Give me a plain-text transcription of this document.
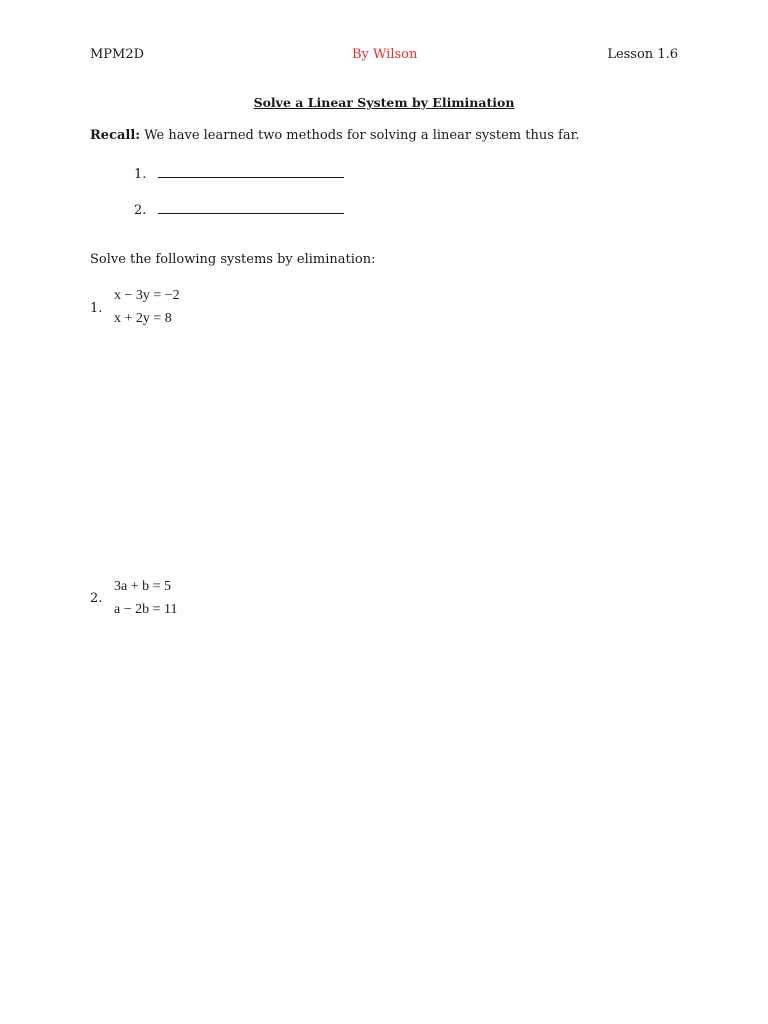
MPM2D	By Wilson	Lesson 1.6
Solve a Linear System by Elimination
Recall: We have learned two methods for solving a linear system thus far.
1.
2.
Solve the following systems by elimination:
1.
x − 3y = −2
x + 2y = 8
2.
3a + b = 5
a − 2b = 11
